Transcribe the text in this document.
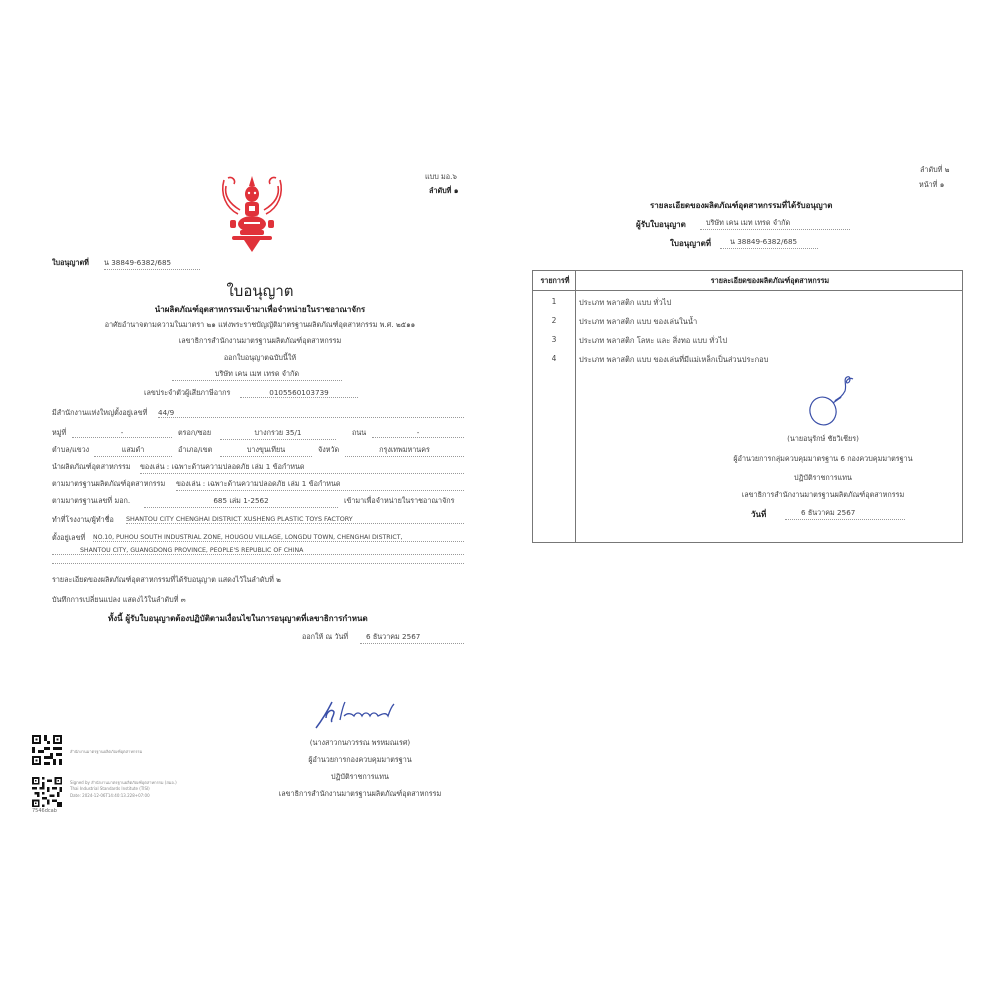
แบบ มอ.๖
ลำดับที่ ๑
ใบอนุญาตที่ น 38849-6382/685
ใบอนุญาต
นำผลิตภัณฑ์อุตสาหกรรมเข้ามาเพื่อจำหน่ายในราชอาณาจักร
อาศัยอำนาจตามความในมาตรา ๒๑ แห่งพระราชบัญญัติมาตรฐานผลิตภัณฑ์อุตสาหกรรม พ.ศ. ๒๕๑๑
เลขาธิการสำนักงานมาตรฐานผลิตภัณฑ์อุตสาหกรรม
ออกใบอนุญาตฉบับนี้ให้
บริษัท เคน เมท เทรด จำกัด
เลขประจำตัวผู้เสียภาษีอากร	0105560103739
มีสำนักงานแห่งใหญ่ตั้งอยู่เลขที่ 44/9
หมู่ที่	-	ตรอก/ซอย	บางกรวย 35/1	ถนน	-
ตำบล/แขวง	แสมดำ	อำเภอ/เขต	บางขุนเทียน	จังหวัด	กรุงเทพมหานคร
นำผลิตภัณฑ์อุตสาหกรรม ของเล่น : เฉพาะด้านความปลอดภัย เล่ม 1 ข้อกำหนด
ตามมาตรฐานผลิตภัณฑ์อุตสาหกรรม ของเล่น : เฉพาะด้านความปลอดภัย เล่ม 1 ข้อกำหนด
ตามมาตรฐานเลขที่ มอก.	685 เล่ม 1-2562	เข้ามาเพื่อจำหน่ายในราชอาณาจักร
ทำที่โรงงาน/ผู้ทำชื่อ SHANTOU CITY CHENGHAI DISTRICT XUSHENG PLASTIC TOYS FACTORY
ตั้งอยู่เลขที่ NO.10, PUHOU SOUTH INDUSTRIAL ZONE, HOUGOU VILLAGE, LONGDU TOWN, CHENGHAI DISTRICT,
SHANTOU CITY, GUANGDONG PROVINCE, PEOPLE'S REPUBLIC OF CHINA
รายละเอียดของผลิตภัณฑ์อุตสาหกรรมที่ได้รับอนุญาต แสดงไว้ในลำดับที่ ๒
บันทึกการเปลี่ยนแปลง แสดงไว้ในลำดับที่ ๓
ทั้งนี้ ผู้รับใบอนุญาตต้องปฏิบัติตามเงื่อนไขในการอนุญาตที่เลขาธิการกำหนด
ออกให้ ณ วันที่	6 ธันวาคม 2567
(นางสาวกนกวรรณ พรหมณเรศ)
ผู้อำนวยการกองควบคุมมาตรฐาน
ปฏิบัติราชการแทน
เลขาธิการสำนักงานมาตรฐานผลิตภัณฑ์อุตสาหกรรม
สำนักงานมาตรฐานผลิตภัณฑ์อุตสาหกรรม
Signed by สำนักงานมาตรฐานผลิตภัณฑ์อุตสาหกรรม (สมอ.)
Thai Industrial Standards Institute (TISI)
Date: 2024-12-06T14:40:13.228+07:00
7546dcab
ลำดับที่ ๒
หน้าที่ ๑
รายละเอียดของผลิตภัณฑ์อุตสาหกรรมที่ได้รับอนุญาต
ผู้รับใบอนุญาต	บริษัท เคน เมท เทรด จำกัด
ใบอนุญาตที่	น 38849-6382/685
รายการที่	รายละเอียดของผลิตภัณฑ์อุตสาหกรรม
1	ประเภท พลาสติก แบบ ทั่วไป
2	ประเภท พลาสติก แบบ ของเล่นในน้ำ
3	ประเภท พลาสติก โลหะ และ สิ่งทอ แบบ ทั่วไป
4	ประเภท พลาสติก แบบ ของเล่นที่มีแม่เหล็กเป็นส่วนประกอบ
(นายอนุรักษ์ ชัยวิเชียร)
ผู้อำนวยการกลุ่มควบคุมมาตรฐาน 6 กองควบคุมมาตรฐาน
ปฏิบัติราชการแทน
เลขาธิการสำนักงานมาตรฐานผลิตภัณฑ์อุตสาหกรรม
วันที่	6 ธันวาคม 2567
